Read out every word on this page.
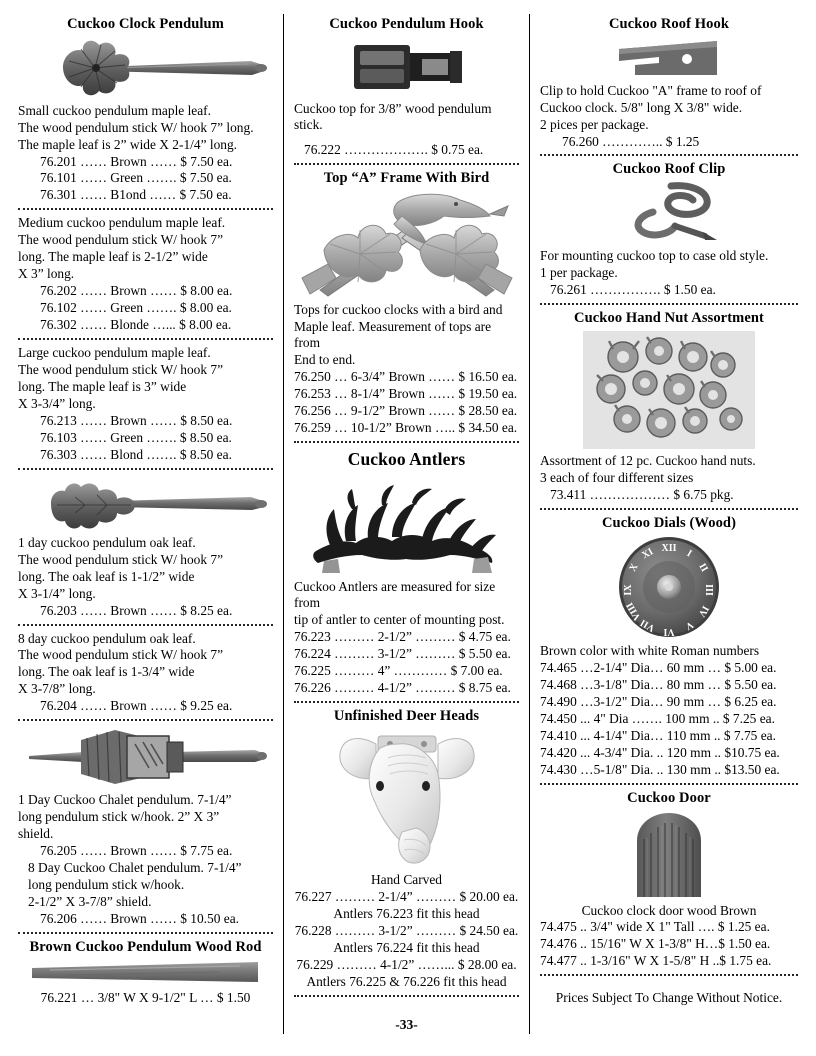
Cuckoo Clock Pendulum

Small cuckoo pendulum maple leaf.

The wood pendulum stick W/ hook 7” long.

The maple leaf is 2” wide X 2-1/4” long.

76.201 …… Brown …… $ 7.50 ea.

76.101 …… Green ……. $ 7.50 ea.

76.301 …… B1ond …… $ 7.50 ea.

Medium cuckoo pendulum maple leaf.

The wood pendulum stick W/ hook 7”

long. The maple leaf is 2-1/2” wide

X 3” long.

76.202 …… Brown …… $ 8.00 ea.

76.102 …… Green ……. $ 8.00 ea.

76.302 …… Blonde …... $ 8.00 ea.

Large cuckoo pendulum maple leaf.

The wood pendulum stick W/ hook 7”

long. The maple leaf is 3” wide

X 3-3/4” long.

76.213 …… Brown …… $ 8.50 ea.

76.103 …… Green ……. $ 8.50 ea.

76.303 …… Blond ……. $ 8.50 ea.

1 day cuckoo pendulum oak leaf.

The wood pendulum stick W/ hook 7”

long. The oak leaf is 1-1/2” wide

X 3-1/4” long.

76.203 …… Brown …… $ 8.25 ea.

8 day cuckoo pendulum oak leaf.

The wood pendulum stick W/ hook 7”

long. The oak leaf is 1-3/4” wide

X 3-7/8” long.

76.204 …… Brown …… $ 9.25 ea.

1 Day Cuckoo Chalet pendulum. 7-1/4”

long pendulum stick w/hook. 2” X 3”

shield.

76.205 …… Brown …… $ 7.75 ea.

8 Day Cuckoo Chalet pendulum. 7-1/4”

long pendulum stick w/hook.

2-1/2” X 3-7/8” shield.

76.206 …… Brown …… $ 10.50 ea.

Brown Cuckoo Pendulum Wood Rod

76.221 … 3/8" W X 9-1/2" L … $ 1.50

Cuckoo Pendulum Hook

Cuckoo top for 3/8” wood pendulum stick.

76.222 ………………. $ 0.75 ea.

Top “A” Frame With Bird

Tops for cuckoo clocks with a bird and

Maple leaf. Measurement of tops are from

End to end.

76.250 … 6-3/4” Brown …… $ 16.50 ea.

76.253 … 8-1/4” Brown …… $ 19.50 ea.

76.256 … 9-1/2” Brown …… $ 28.50 ea.

76.259 … 10-1/2” Brown ….. $ 34.50 ea.

Cuckoo Antlers

Cuckoo Antlers are measured for size from

tip of antler to center of mounting post.

76.223 ……… 2-1/2” ……… $ 4.75 ea.

76.224 ……… 3-1/2” ……… $ 5.50 ea.

76.225 ……… 4” ………… $ 7.00 ea.

76.226 ……… 4-1/2” ……… $ 8.75 ea.

Unfinished Deer Heads

Hand Carved

76.227 ……… 2-1/4” ……… $ 20.00 ea.

Antlers 76.223 fit this head

76.228 ……… 3-1/2” ……… $ 24.50 ea.

Antlers 76.224 fit this head

76.229 ……… 4-1/2” ……... $ 28.00 ea.

Antlers 76.225 & 76.226 fit this head

-33-
Cuckoo Roof Hook

Clip to hold Cuckoo "A" frame to roof of

Cuckoo clock. 5/8" long X 3/8" wide.

2 pices per package.

76.260 ………….. $ 1.25

Cuckoo Roof Clip

For mounting cuckoo top to case old style.

1 per package.

76.261 ……………. $ 1.50 ea.

Cuckoo Hand Nut Assortment

Assortment of 12 pc. Cuckoo hand nuts.

3 each of four different sizes

73.411 ……………… $ 6.75 pkg.

Cuckoo Dials (Wood)
XII I
II
III
IV
V
VI
VII
VIII
IX
X
XI

Brown color with white Roman numbers

74.465 …2-1/4" Dia… 60 mm … $ 5.00 ea.

74.468 …3-1/8" Dia… 80 mm … $ 5.50 ea.

74.490 …3-1/2" Dia… 90 mm … $ 6.25 ea.

74.450 ... 4" Dia ……. 100 mm .. $ 7.25 ea.

74.410 ... 4-1/4" Dia… 110 mm .. $ 7.75 ea.

74.420 ... 4-3/4" Dia. .. 120 mm .. $10.75 ea.

74.430 …5-1/8" Dia. .. 130 mm .. $13.50 ea.

Cuckoo Door

Cuckoo clock door wood Brown

74.475 .. 3/4" wide X 1" Tall …. $ 1.25 ea.

74.476 .. 15/16" W X 1-3/8" H…$ 1.50 ea.

74.477 .. 1-3/16" W X 1-5/8" H ..$ 1.75 ea.

Prices Subject To Change Without Notice.
